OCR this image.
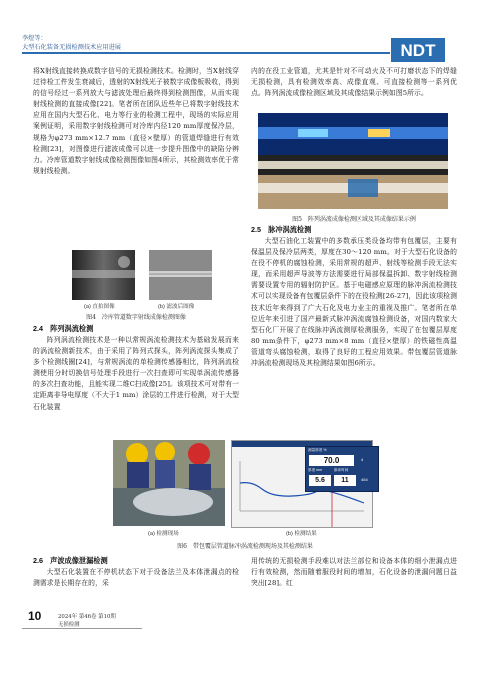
李煜等：
大型石化装备无损检测技术应用进展	NDT

将X射线直接转换成数字信号的无损检测技术。检测时，当X射线穿过待检工件发生衰减后，透射的X射线光子被数字成像板吸收，得到的信号经过一系列放大与滤波处理后最终得到检测图像，从而实现射线检测的直接成像[22]。笔者所在团队近些年已将数字射线技术应用在国内大型石化、电力等行业的检测工程中，现场的实际应用案例证明，采用数字射线检测可对冷库内径120 mm厚度保冷层，规格为φ273 mm×12.7 mm（直径×壁厚）的管道焊缝进行有效检测[23]，对图像进行滤波成像可以进一步提升图像中的缺陷分辨力。冷库管道数字射线成像检测图像如图4所示，其检测效率优于常规射线检测。

(a) 直拍图像	(b) 滤波后图像
图4　冷库管道数字射线成像检测图像
2.4　阵列涡流检测

阵列涡流检测技术是一种以常规涡流检测技术为基础发展而来的涡流检测新技术，由于采用了阵列式探头，阵列涡流探头集成了多个检测线圈[24]，与常规涡流的单检测传感器相比，阵列涡流检测使用分时切换信号处理手段进行一次扫查即可实现单涡流传感器的多次扫查功能，且能实现二维C扫成像[25]。该项技术可对带有一定距离非导电厚度（不大于1 mm）涂层的工件进行检测，对于大型石化装置

内的在役工业管道，尤其是针对不可动火及不可打磨状态下的焊缝无损检测，具有检测效率高、成像直观、可直接检测等一系列优点。阵列涡流成像检测区域及其成像结果示例如图5所示。

图5　阵列涡流成像检测区域及其成像结果示例
2.5　脉冲涡流检测

大型石油化工装置中的多数承压类设备均带有包覆层，主要有保温层及保冷层两类，厚度在30～120 mm。对于大型石化设备的在役不停机的腐蚀检测，采用常规的超声、射线等检测手段无法实现，而采用超声导波等方法需要进行局部保温拆卸、数字射线检测需要设置专用的辐射防护区。基于电磁感应原理的脉冲涡流检测技术可以实现设备有包覆层条件下的在役检测[26-27]，因此该项检测技术近年来得到了广大石化及电力业主的重视及推广。笔者所在单位近年来引进了国产最新式脉冲涡流腐蚀检测设备，对国内数家大型石化厂开展了在线脉冲涡流测厚检测服务，实现了在包覆层厚度80 mm条件下，φ273 mm×8 mm（直径×壁厚）的铁磁性高温管道弯头腐蚀检测，取得了良好的工程应用效果。带包覆层管道脉冲涡流检测现场及其检测结果如图6所示。

测量厚度 %
70.0
厚度 mm	脉冲时间
5.6	11
4
454
(a) 检测现场	(b) 检测结果
图6　带包覆层管道脉冲涡流检测现场及其检测结果
2.6　声波成像泄漏检测

大型石化装置在不停机状态下对于设备法兰及本体泄漏点的检测需求是长期存在的，采

用传统的无损检测手段难以对法兰部位和设备本体的细小泄漏点进行有效检测，然而随着服役时间的增加，石化设备的泄漏问题日益突出[28]。红

10	2024年 第46卷 第10期
无损检测
